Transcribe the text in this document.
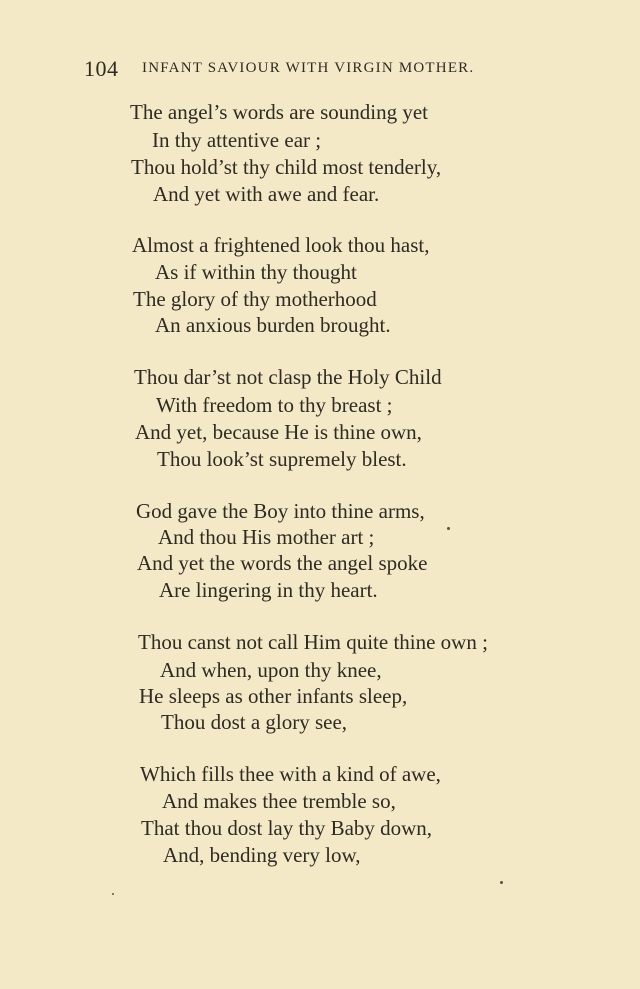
104 INFANT SAVIOUR WITH VIRGIN MOTHER.
The angel’s words are sounding yet
In thy attentive ear ;
Thou hold’st thy child most tenderly,
And yet with awe and fear.
Almost a frightened look thou hast,
As if within thy thought
The glory of thy motherhood
An anxious burden brought.
Thou dar’st not clasp the Holy Child
With freedom to thy breast ;
And yet, because He is thine own,
Thou look’st supremely blest.
God gave the Boy into thine arms,
And thou His mother art ;
And yet the words the angel spoke
Are lingering in thy heart.
Thou canst not call Him quite thine own ;
And when, upon thy knee,
He sleeps as other infants sleep,
Thou dost a glory see,
Which fills thee with a kind of awe,
And makes thee tremble so,
That thou dost lay thy Baby down,
And, bending very low,
